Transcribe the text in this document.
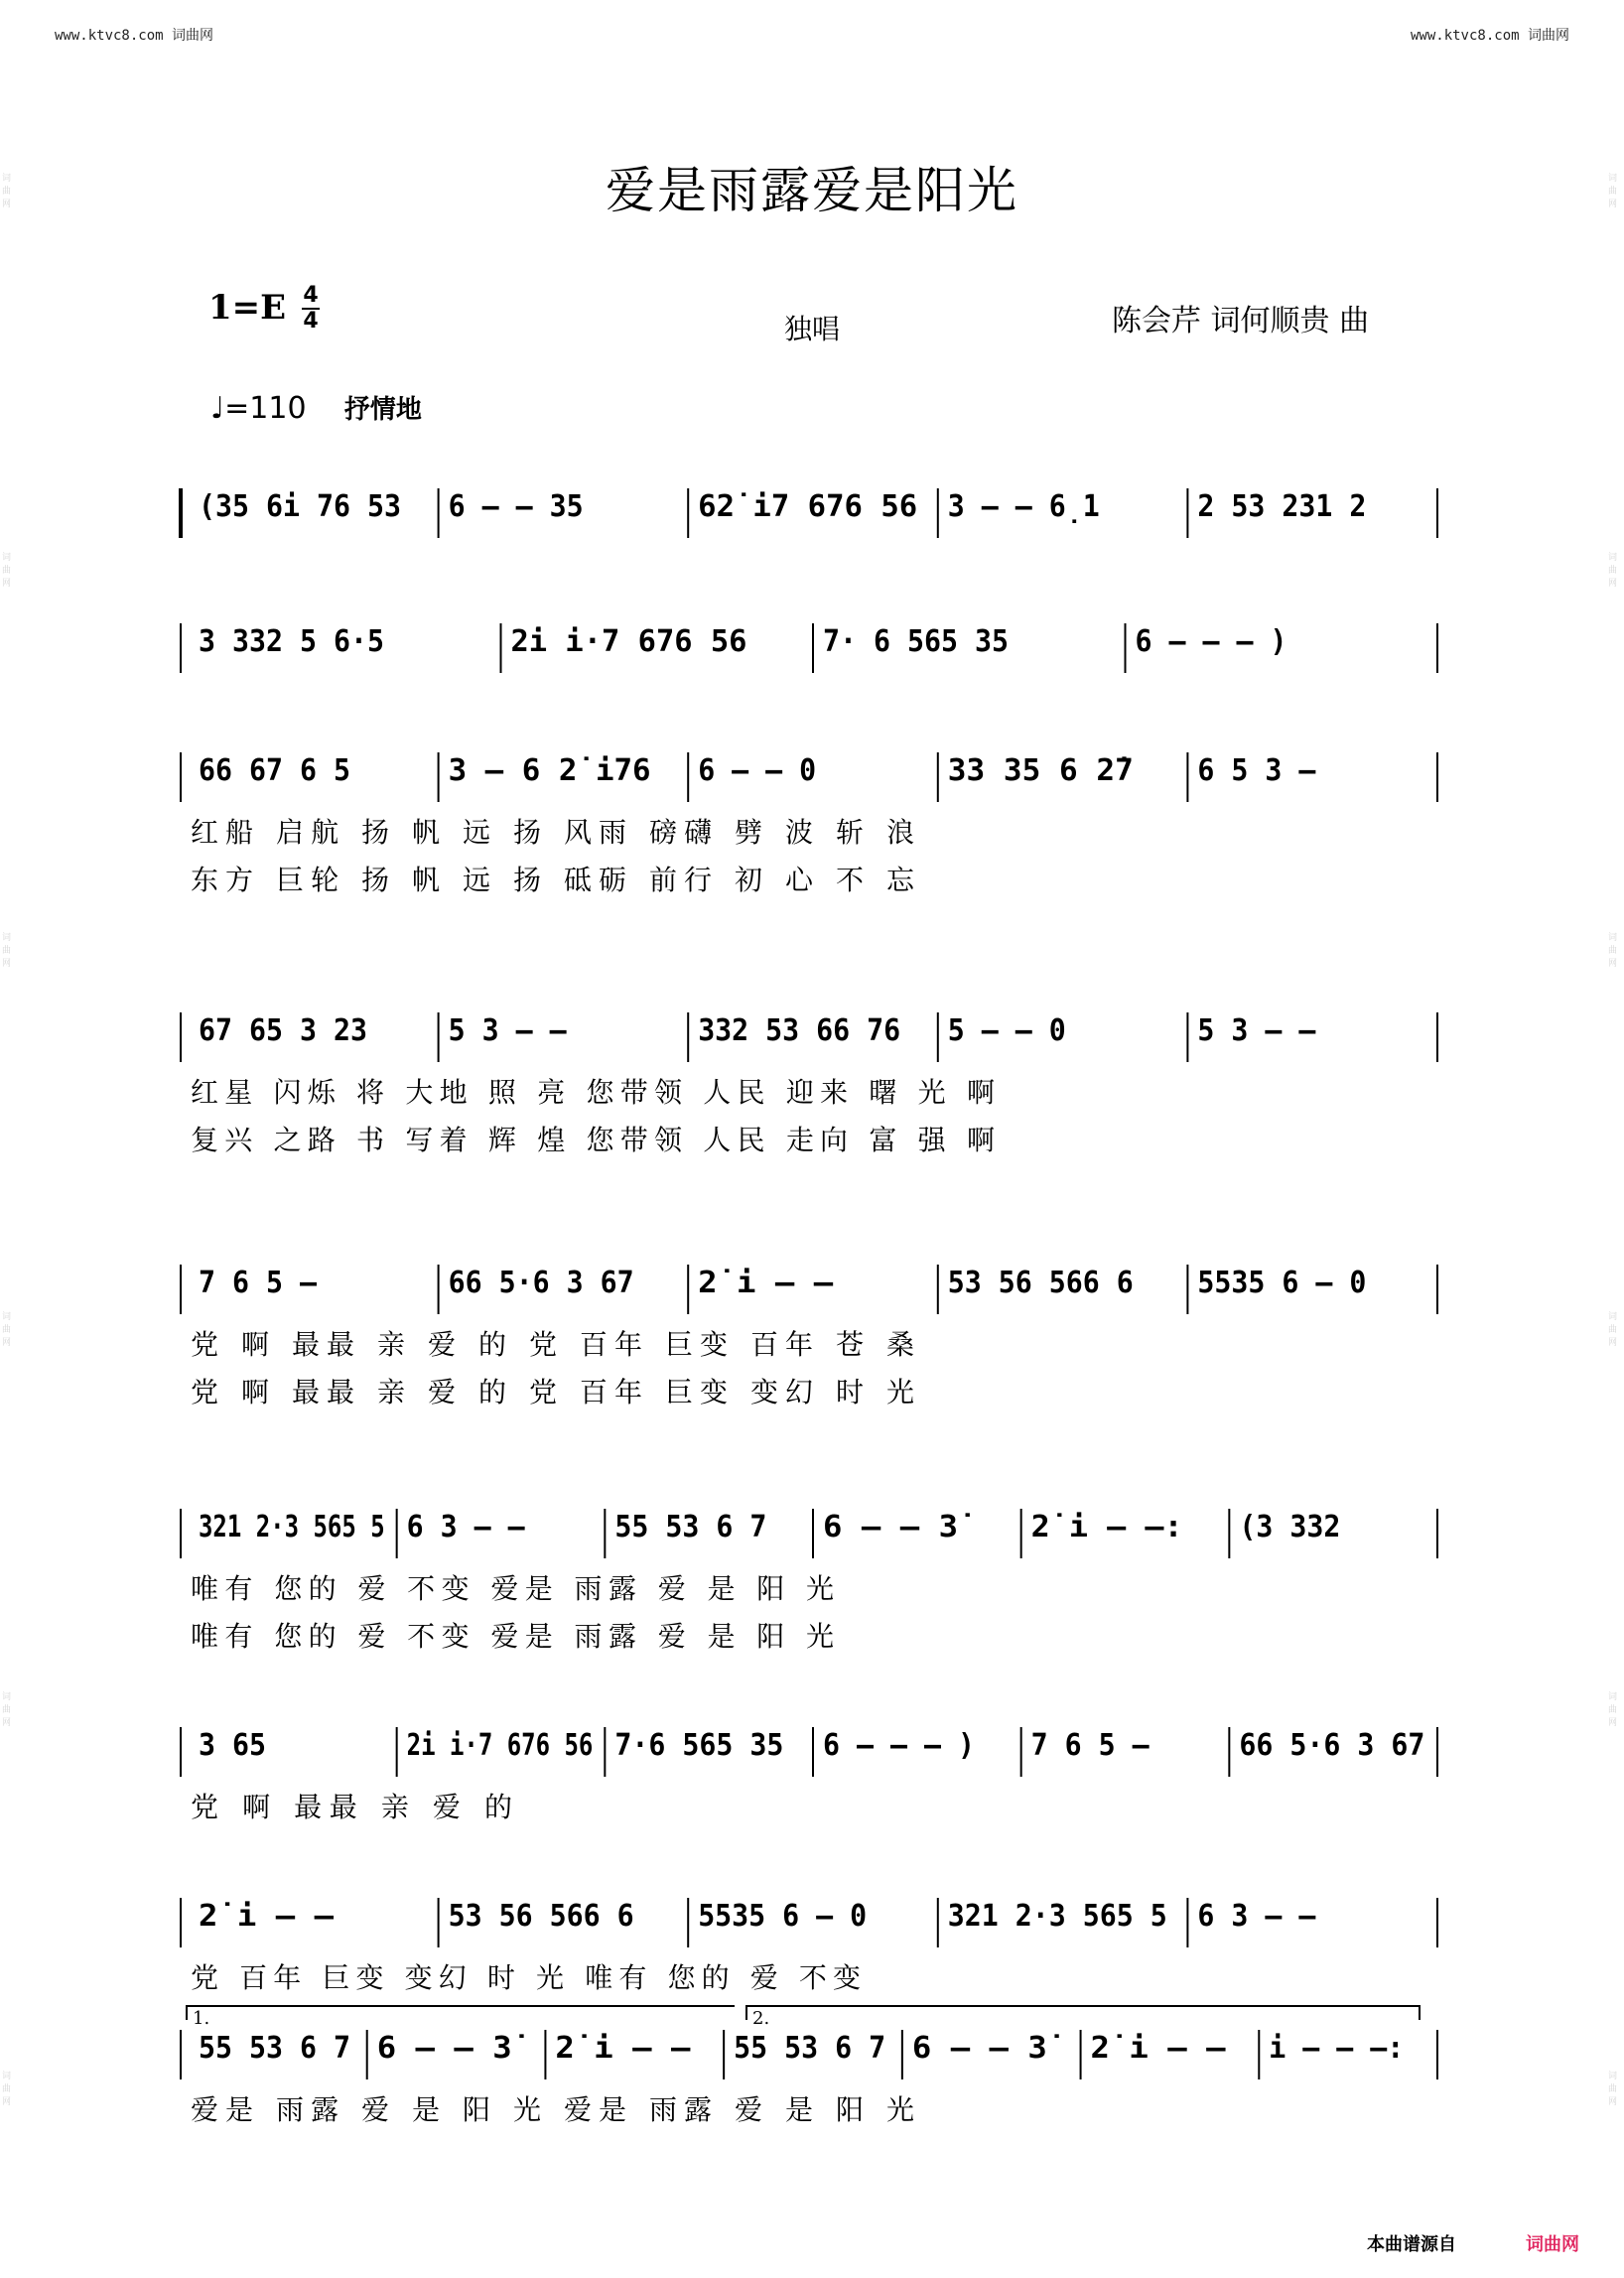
www.ktvc8.com 词曲网	www.ktvc8.com 词曲网
词曲网
词曲网
词曲网
词曲网
词曲网
词曲网
词曲网
词曲网
词曲网
词曲网
词曲网
词曲网
爱是雨露爱是阳光
1=E 4
4	独唱	陈会芹 词何顺贵 曲
♩=110 抒情地
(35 6i 76 53 6 – – 35	62̇ i7 676 56 3 – – 6̣1	2 53 231 2
3 332 5 6·5	2̇i i·7 676 56	7· 6 565 35	6 – – – )
66 67 6 5	3 – 6 2̇ i76 6 – – 0	33 35 6 2̇7 6 5 3 –
红船 启航 扬 帆 远 扬 风雨 磅礴 劈 波 斩 浪
东方 巨轮 扬 帆 远 扬 砥砺 前行 初 心 不 忘
67 65 3 23	5 3 – –	332 53 66 76 5 – – 0	5 3 – –
红星 闪烁 将 大地 照 亮 您带领 人民 迎来 曙 光 啊
复兴 之路 书 写着 辉 煌 您带领 人民 走向 富 强 啊
7 6 5 –	66 5·6 3 67 2̇ i – –	53 56 566 6 5535 6 – 0
党 啊 最最 亲 爱 的 党 百年 巨变 百年 苍 桑
党 啊 最最 亲 爱 的 党 百年 巨变 变幻 时 光
321 2·3 565 5 6 3 – –	55 53 6 7 6 – – 3̇ 2̇ i – –: (3 332
唯有 您的 爱 不变 爱是 雨露 爱 是 阳 光
唯有 您的 爱 不变 爱是 雨露 爱 是 阳 光
3 65	2̇i i·7 676 56 7·6 565 35 6 – – – ) 7 6 5 –	66 5·6 3 67
党 啊 最最 亲 爱 的
2̇ i – –	53 56 566 6 5535 6 – 0	321 2·3 565 5 6 3 – –
党 百年 巨变 变幻 时 光 唯有 您的 爱 不变
55 53 6 7 6 – – 3̇ 2̇ i – – 55 53 6 7 6 – – 3̇ 2̇ i – – i – – –:
爱是 雨露 爱 是 阳 光 爱是 雨露 爱 是 阳 光
1.	2.
本曲谱源自	词曲网
